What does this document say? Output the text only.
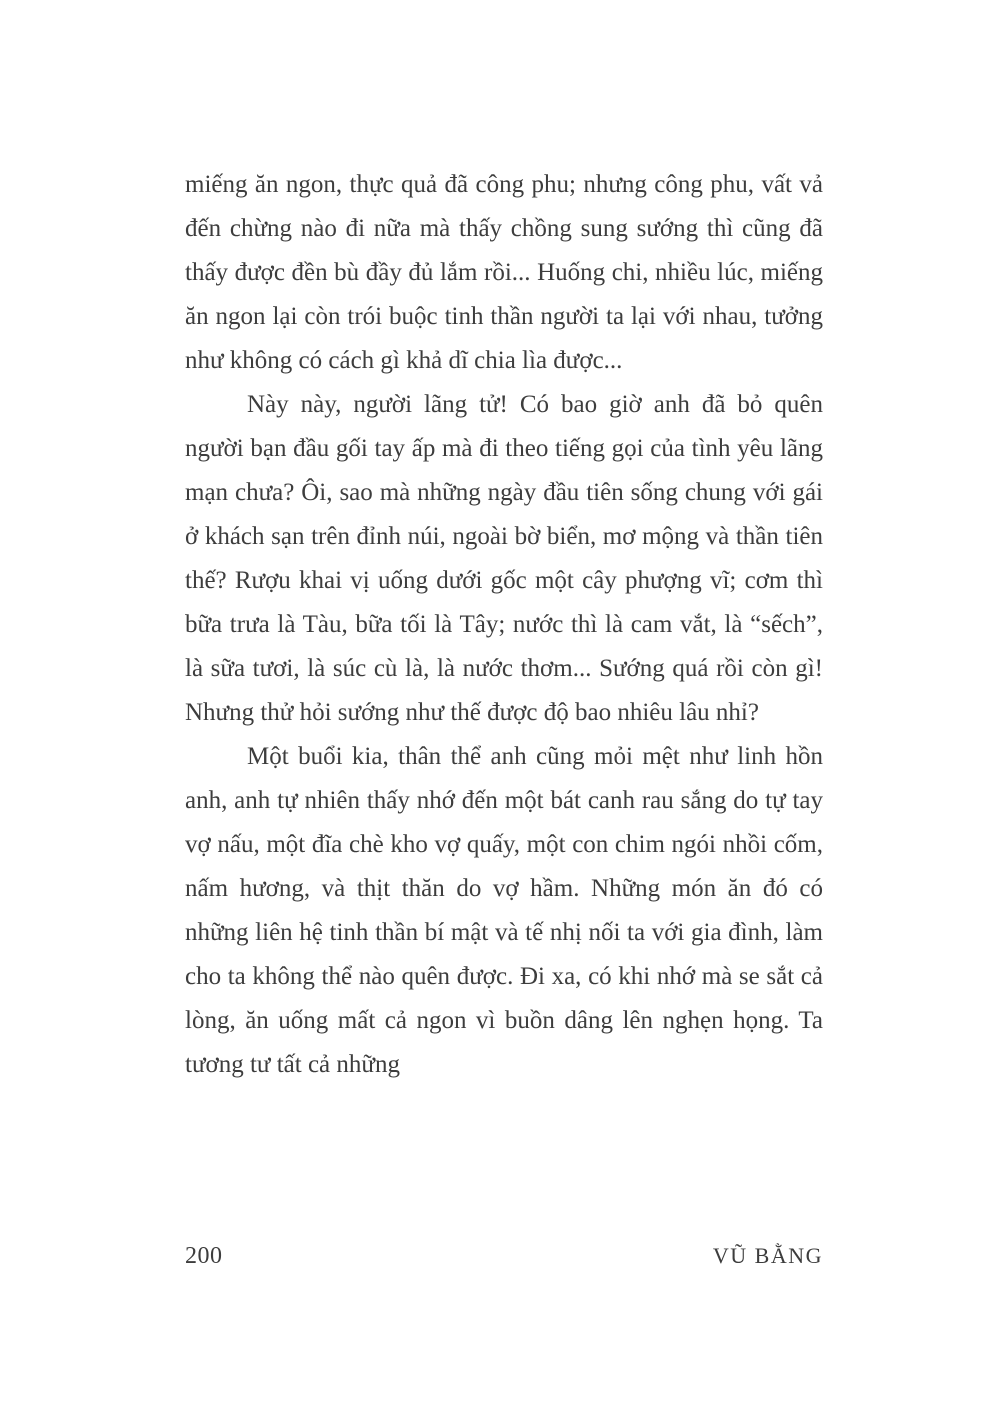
miếng ăn ngon, thực quả đã công phu; nhưng công phu, vất vả đến chừng nào đi nữa mà thấy chồng sung sướng thì cũng đã thấy được đền bù đầy đủ lắm rồi... Huống chi, nhiều lúc, miếng ăn ngon lại còn trói buộc tinh thần người ta lại với nhau, tưởng như không có cách gì khả dĩ chia lìa được...

Này này, người lãng tử! Có bao giờ anh đã bỏ quên người bạn đầu gối tay ấp mà đi theo tiếng gọi của tình yêu lãng mạn chưa? Ôi, sao mà những ngày đầu tiên sống chung với gái ở khách sạn trên đỉnh núi, ngoài bờ biển, mơ mộng và thần tiên thế? Rượu khai vị uống dưới gốc một cây phượng vĩ; cơm thì bữa trưa là Tàu, bữa tối là Tây; nước thì là cam vắt, là “sếch”, là sữa tươi, là súc cù là, là nước thơm... Sướng quá rồi còn gì! Nhưng thử hỏi sướng như thế được độ bao nhiêu lâu nhỉ?

Một buổi kia, thân thể anh cũng mỏi mệt như linh hồn anh, anh tự nhiên thấy nhớ đến một bát canh rau sắng do tự tay vợ nấu, một đĩa chè kho vợ quấy, một con chim ngói nhồi cốm, nấm hương, và thịt thăn do vợ hầm. Những món ăn đó có những liên hệ tinh thần bí mật và tế nhị nối ta với gia đình, làm cho ta không thể nào quên được. Đi xa, có khi nhớ mà se sắt cả lòng, ăn uống mất cả ngon vì buồn dâng lên nghẹn họng. Ta tương tư tất cả những

200	VŨ BẰNG
